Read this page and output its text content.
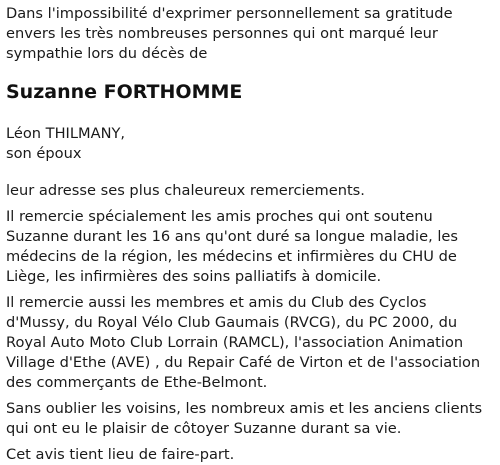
Dans l'impossibilité d'exprimer personnellement sa gratitude envers les très nombreuses personnes qui ont marqué leur sympathie lors du décès de

Suzanne FORTHOMME
Léon THILMANY,
son époux

leur adresse ses plus chaleureux remerciements.

Il remercie spécialement les amis proches qui ont soutenu Suzanne durant les 16 ans qu'ont duré sa longue maladie, les médecins de la région, les médecins et infirmières du CHU de Liège, les infirmières des soins palliatifs à domicile.

Il remercie aussi les membres et amis du Club des Cyclos d'Mussy, du Royal Vélo Club Gaumais (RVCG), du PC 2000, du Royal Auto Moto Club Lorrain (RAMCL), l'association Animation Village d'Ethe (AVE) , du Repair Café de Virton et de l'association des commerçants de Ethe-Belmont.

Sans oublier les voisins, les nombreux amis et les anciens clients qui ont eu le plaisir de côtoyer Suzanne durant sa vie.

Cet avis tient lieu de faire-part.
